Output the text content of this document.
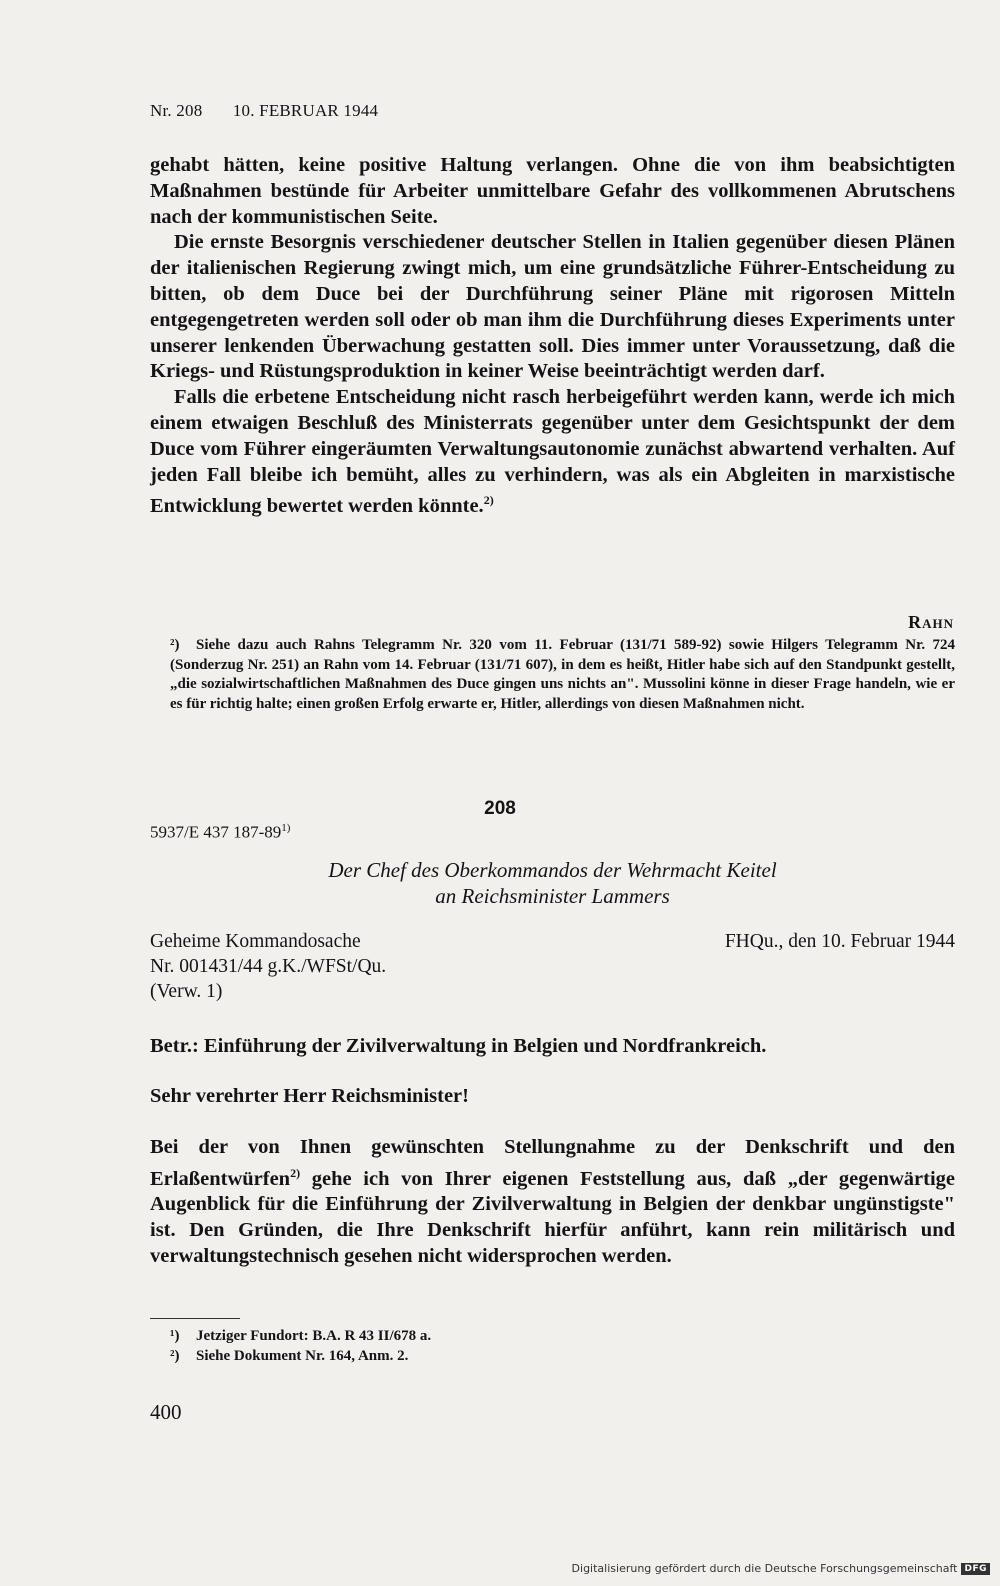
Nr. 208 10. FEBRUAR 1944

gehabt hätten, keine positive Haltung verlangen. Ohne die von ihm beabsichtigten Maßnahmen bestünde für Arbeiter unmittelbare Gefahr des vollkommenen Abrutschens nach der kommunistischen Seite.

Die ernste Besorgnis verschiedener deutscher Stellen in Italien gegenüber diesen Plänen der italienischen Regierung zwingt mich, um eine grundsätzliche Führer-Entscheidung zu bitten, ob dem Duce bei der Durchführung seiner Pläne mit rigorosen Mitteln entgegengetreten werden soll oder ob man ihm die Durchführung dieses Experiments unter unserer lenkenden Überwachung gestatten soll. Dies immer unter Voraussetzung, daß die Kriegs- und Rüstungsproduktion in keiner Weise beeinträchtigt werden darf.

Falls die erbetene Entscheidung nicht rasch herbeigeführt werden kann, werde ich mich einem etwaigen Beschluß des Ministerrats gegenüber unter dem Gesichtspunkt der dem Duce vom Führer eingeräumten Verwaltungsautonomie zunächst abwartend verhalten. Auf jeden Fall bleibe ich bemüht, alles zu verhindern, was als ein Abgleiten in marxistische Entwicklung bewertet werden könnte.$^{2)}$

Rahn

²) Siehe dazu auch Rahns Telegramm Nr. 320 vom 11. Februar (131/71 589-92) sowie Hilgers Telegramm Nr. 724 (Sonderzug Nr. 251) an Rahn vom 14. Februar (131/71 607), in dem es heißt, Hitler habe sich auf den Standpunkt gestellt, „die sozialwirtschaftlichen Maßnahmen des Duce gingen uns nichts an". Mussolini könne in dieser Frage handeln, wie er es für richtig halte; einen großen Erfolg erwarte er, Hitler, allerdings von diesen Maßnahmen nicht.

208
5937/E 437 187-89$^{1)}$
Der Chef des Oberkommandos der Wehrmacht Keitel
an Reichsminister Lammers
Geheime Kommandosache	FHQu., den 10. Februar 1944
Nr. 001431/44 g.K./WFSt/Qu.
(Verw. 1)
Betr.: Einführung der Zivilverwaltung in Belgien und Nordfrankreich.
Sehr verehrter Herr Reichsminister!

Bei der von Ihnen gewünschten Stellungnahme zu der Denkschrift und den Erlaßentwürfen$^{2)}$ gehe ich von Ihrer eigenen Feststellung aus, daß „der gegenwärtige Augenblick für die Einführung der Zivilverwaltung in Belgien der denkbar ungünstigste" ist. Den Gründen, die Ihre Denkschrift hierfür anführt, kann rein militärisch und verwaltungstechnisch gesehen nicht widersprochen werden.

¹) Jetziger Fundort: B.A. R 43 II/678 a.

²) Siehe Dokument Nr. 164, Anm. 2.

400
Digitalisierung gefördert durch die Deutsche Forschungsgemeinschaft DFG
